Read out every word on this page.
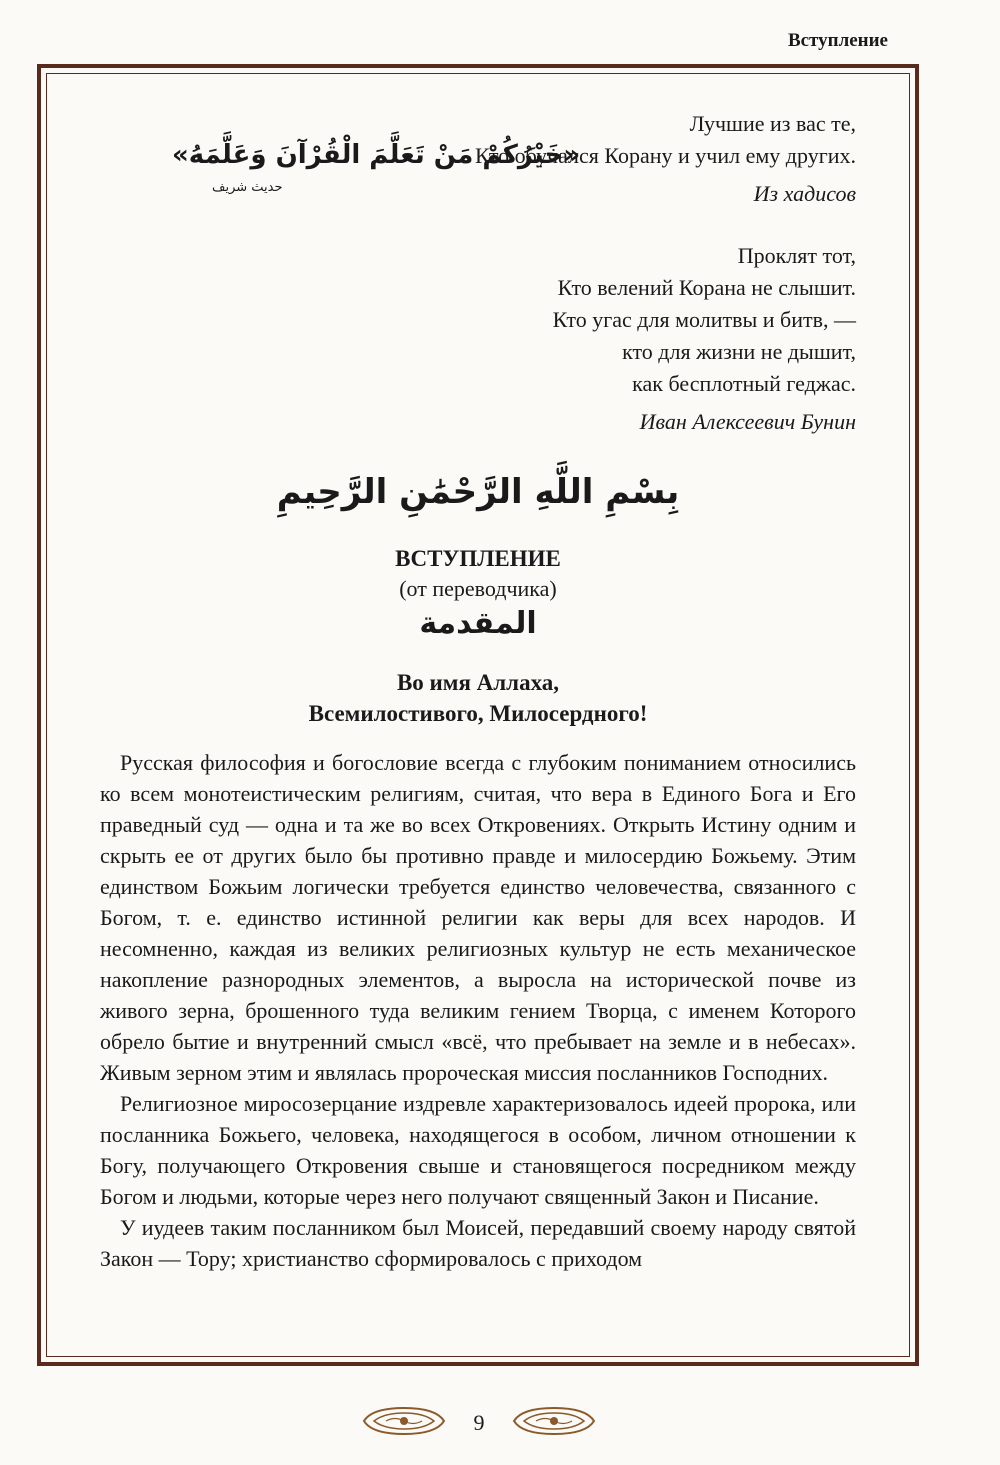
Вступление
Лучшие из вас те,
Кто обучался Корану и учил ему других.
Из хадисов
«خَيْرُكُمْ مَنْ تَعَلَّمَ الْقُرْآنَ وَعَلَّمَهُ»
حديث شريف
Проклят тот,
Кто велений Корана не слышит.
Кто угас для молитвы и битв, —
кто для жизни не дышит,
как бесплотный геджас.
Иван Алексеевич Бунин
بِسْمِ اللَّهِ الرَّحْمَٰنِ الرَّحِيمِ
ВСТУПЛЕНИЕ
(от переводчика)
المقدمة
Во имя Аллаха,
Всемилостивого, Милосердного!

Русская философия и богословие всегда с глубоким пониманием относились ко всем монотеистическим религиям, считая, что вера в Единого Бога и Его праведный суд — одна и та же во всех Откровениях. Открыть Истину одним и скрыть ее от других было бы противно правде и милосердию Божьему. Этим единством Божьим логически требуется единство человечества, связанного с Богом, т. е. единство истинной религии как веры для всех народов. И несомненно, каждая из великих религиозных культур не есть механическое накопление разнородных элементов, а выросла на исторической почве из живого зерна, брошенного туда великим гением Творца, с именем Которого обрело бытие и внутренний смысл «всё, что пребывает на земле и в небесах». Живым зерном этим и являлась пророческая миссия посланников Господних.

Религиозное миросозерцание издревле характеризовалось идеей пророка, или посланника Божьего, человека, находящегося в особом, личном отношении к Богу, получающего Откровения свыше и становящегося посредником между Богом и людьми, которые через него получают священный Закон и Писание.

У иудеев таким посланником был Моисей, передавший своему народу святой Закон — Тору; христианство сформировалось с приходом

9
